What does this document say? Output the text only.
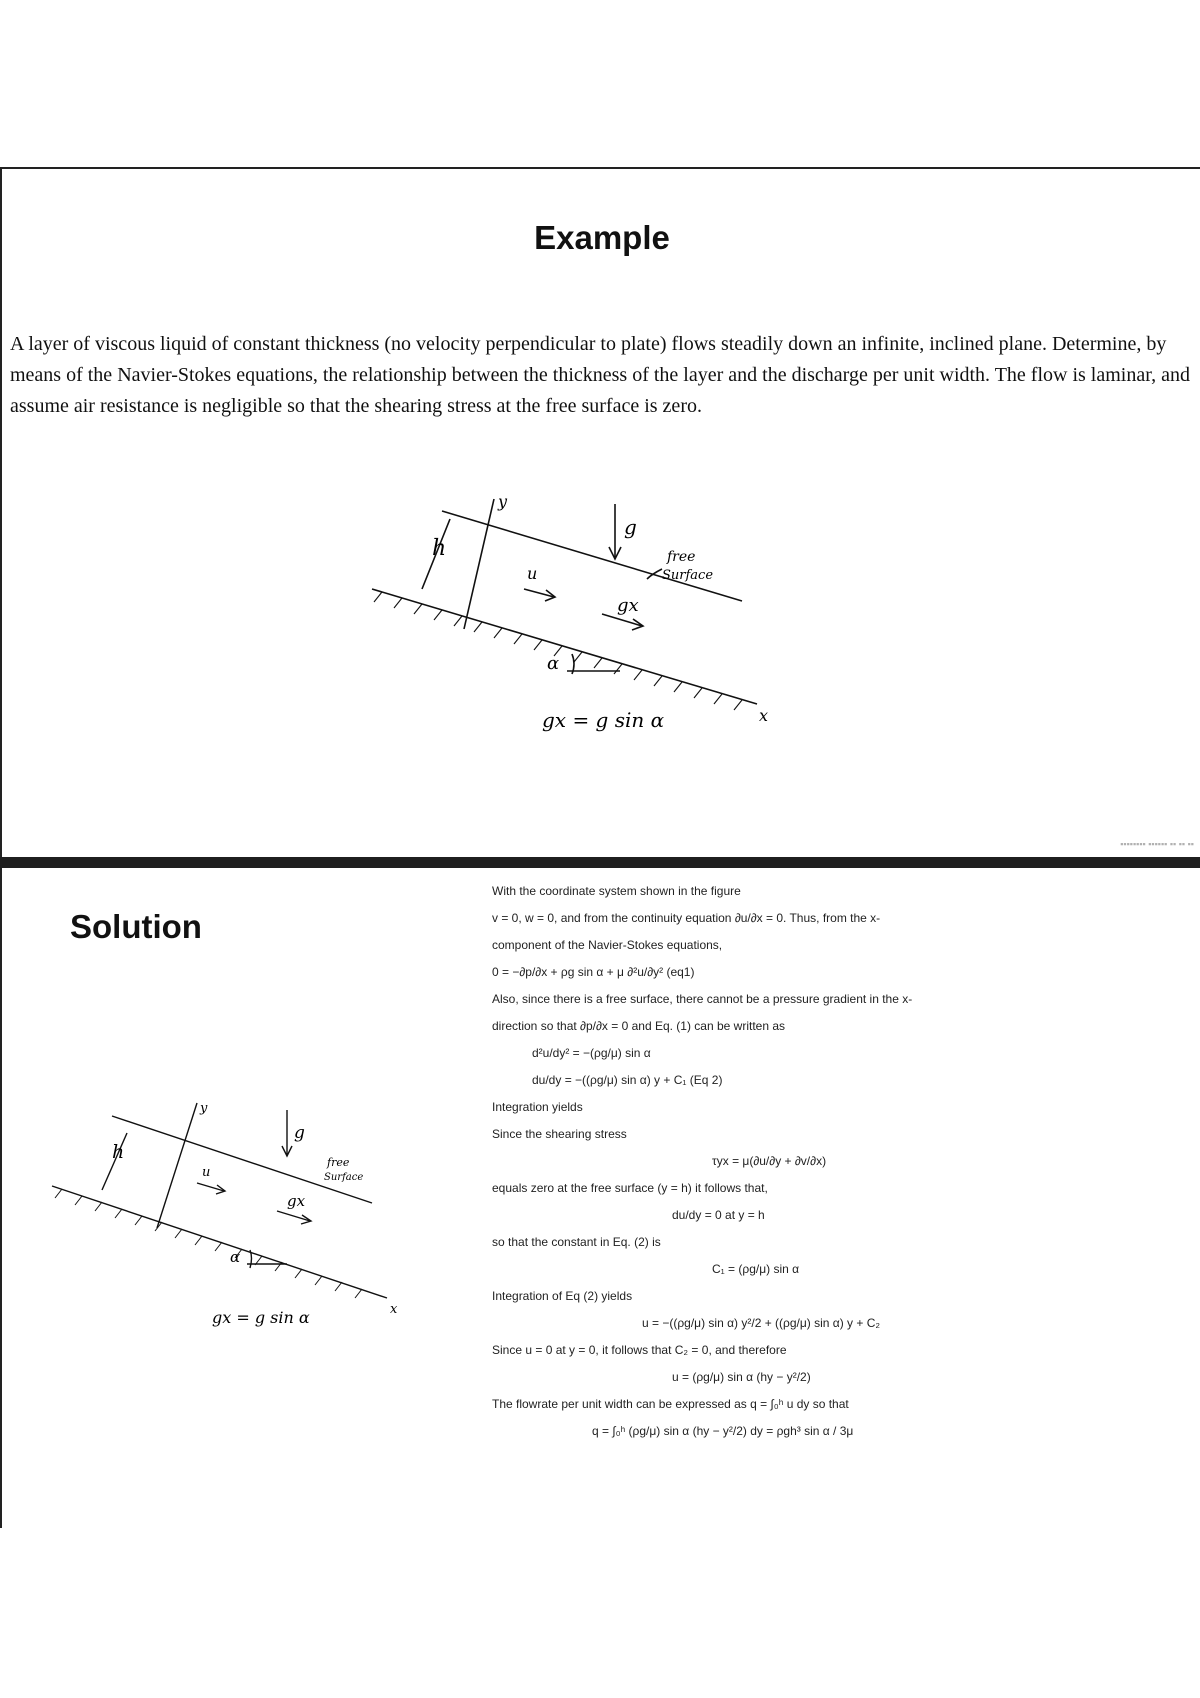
Example
A layer of viscous liquid of constant thickness (no velocity perpendicular to plate) flows steadily down an infinite, inclined plane. Determine, by means of the Navier-Stokes equations, the relationship between the thickness of the layer and the discharge per unit width. The flow is laminar, and assume air resistance is negligible so that the shearing stress at the free surface is zero.
y
x
g
h
u
gx
free
Surface
α
gx = g sin α
▪▪▪▪▪▪▪▪ ▪▪▪▪▪▪ ▪▪ ▪▪ ▪▪
Solution
y
x
g
h
u
gx
free
Surface
α
gx = g sin α
With the coordinate system shown in the figure
v = 0, w = 0, and from the continuity equation ∂u/∂x = 0. Thus, from the x-
component of the Navier-Stokes equations,
0 = −∂p/∂x + ρg sin α + μ ∂²u/∂y² (eq1)
Also, since there is a free surface, there cannot be a pressure gradient in the x-
direction so that ∂p/∂x = 0 and Eq. (1) can be written as
d²u/dy² = −(ρg/μ) sin α
du/dy = −((ρg/μ) sin α) y + C₁ (Eq 2)
Integration yields
Since the shearing stress
τyx = μ(∂u/∂y + ∂v/∂x)
equals zero at the free surface (y = h) it follows that,
du/dy = 0 at y = h
so that the constant in Eq. (2) is
C₁ = (ρg/μ) sin α
Integration of Eq (2) yields
u = −((ρg/μ) sin α) y²/2 + ((ρg/μ) sin α) y + C₂
Since u = 0 at y = 0, it follows that C₂ = 0, and therefore
u = (ρg/μ) sin α (hy − y²/2)
The flowrate per unit width can be expressed as q = ∫₀ʰ u dy so that
q = ∫₀ʰ (ρg/μ) sin α (hy − y²/2) dy = ρgh³ sin α / 3μ
